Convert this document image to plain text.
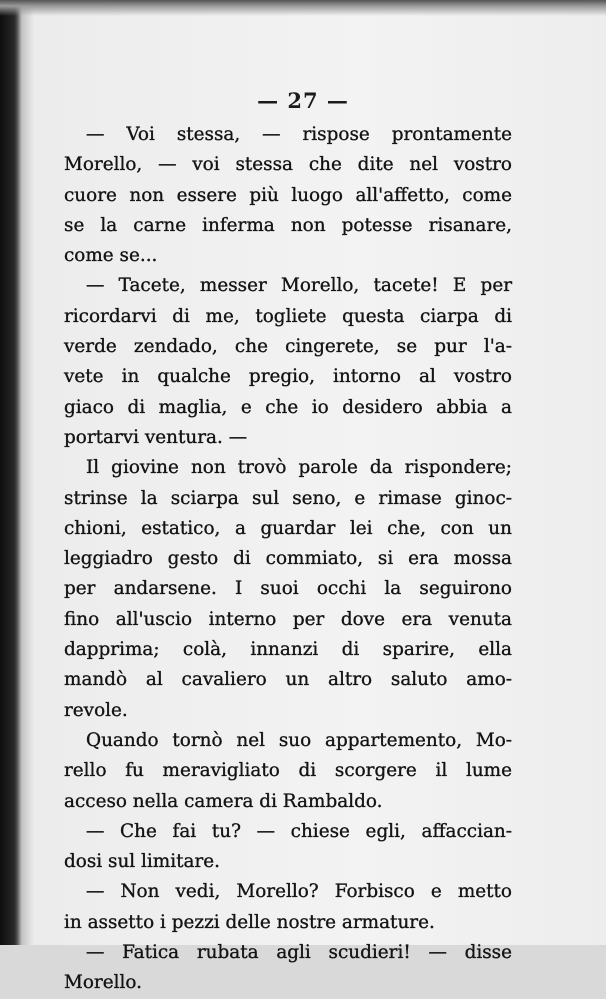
— 27 —
— Voi stessa, — rispose prontamente
Morello, — voi stessa che dite nel vostro
cuore non essere più luogo all'affetto, come
se la carne inferma non potesse risanare,
come se...
— Tacete, messer Morello, tacete! E per
ricordarvi di me, togliete questa ciarpa di
verde zendado, che cingerete, se pur l'a-
vete in qualche pregio, intorno al vostro
giaco di maglia, e che io desidero abbia a
portarvi ventura. —
Il giovine non trovò parole da rispondere;
strinse la sciarpa sul seno, e rimase ginoc-
chioni, estatico, a guardar lei che, con un
leggiadro gesto di commiato, si era mossa
per andarsene. I suoi occhi la seguirono
fino all'uscio interno per dove era venuta
dapprima; colà, innanzi di sparire, ella
mandò al cavaliero un altro saluto amo-
revole.
Quando tornò nel suo appartemento, Mo-
rello fu meravigliato di scorgere il lume
acceso nella camera di Rambaldo.
— Che fai tu? — chiese egli, affaccian-
dosi sul limitare.
— Non vedi, Morello? Forbisco e metto
in assetto i pezzi delle nostre armature.
— Fatica rubata agli scudieri! — disse
Morello.
